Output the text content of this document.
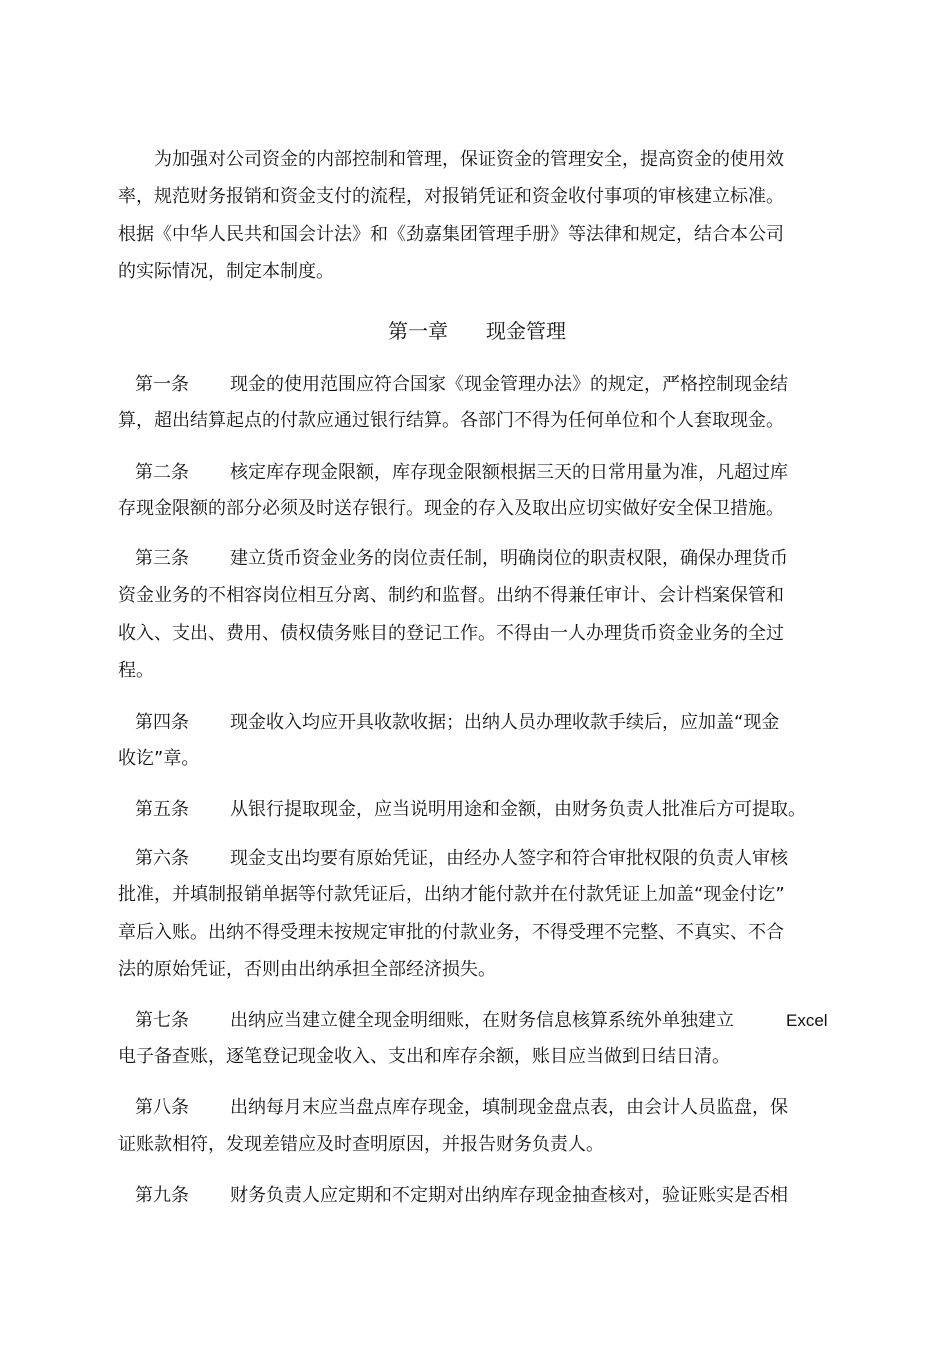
为加强对公司资金的内部控制和管理，保证资金的管理安全，提高资金的使用效
率，规范财务报销和资金支付的流程，对报销凭证和资金收付事项的审核建立标准。
根据《中华人民共和国会计法》和《劲嘉集团管理手册》等法律和规定，结合本公司
的实际情况，制定本制度。
第一章 现金管理
第一条 现金的使用范围应符合国家《现金管理办法》的规定，严格控制现金结
算，超出结算起点的付款应通过银行结算。各部门不得为任何单位和个人套取现金。
第二条 核定库存现金限额，库存现金限额根据三天的日常用量为准，凡超过库
存现金限额的部分必须及时送存银行。现金的存入及取出应切实做好安全保卫措施。
第三条 建立货币资金业务的岗位责任制，明确岗位的职责权限，确保办理货币
资金业务的不相容岗位相互分离、制约和监督。出纳不得兼任审计、会计档案保管和
收入、支出、费用、债权债务账目的登记工作。不得由一人办理货币资金业务的全过
程。
第四条 现金收入均应开具收款收据；出纳人员办理收款手续后，应加盖“现金
收讫”章。
第五条 从银行提取现金，应当说明用途和金额，由财务负责人批准后方可提取。
第六条 现金支出均要有原始凭证，由经办人签字和符合审批权限的负责人审核
批准，并填制报销单据等付款凭证后，出纳才能付款并在付款凭证上加盖“现金付讫”
章后入账。出纳不得受理未按规定审批的付款业务，不得受理不完整、不真实、不合
法的原始凭证，否则由出纳承担全部经济损失。
第七条 出纳应当建立健全现金明细账，在财务信息核算系统外单独建立	Excel
电子备查账，逐笔登记现金收入、支出和库存余额，账目应当做到日结日清。
第八条 出纳每月末应当盘点库存现金，填制现金盘点表，由会计人员监盘，保
证账款相符，发现差错应及时查明原因，并报告财务负责人。
第九条 财务负责人应定期和不定期对出纳库存现金抽查核对，验证账实是否相
